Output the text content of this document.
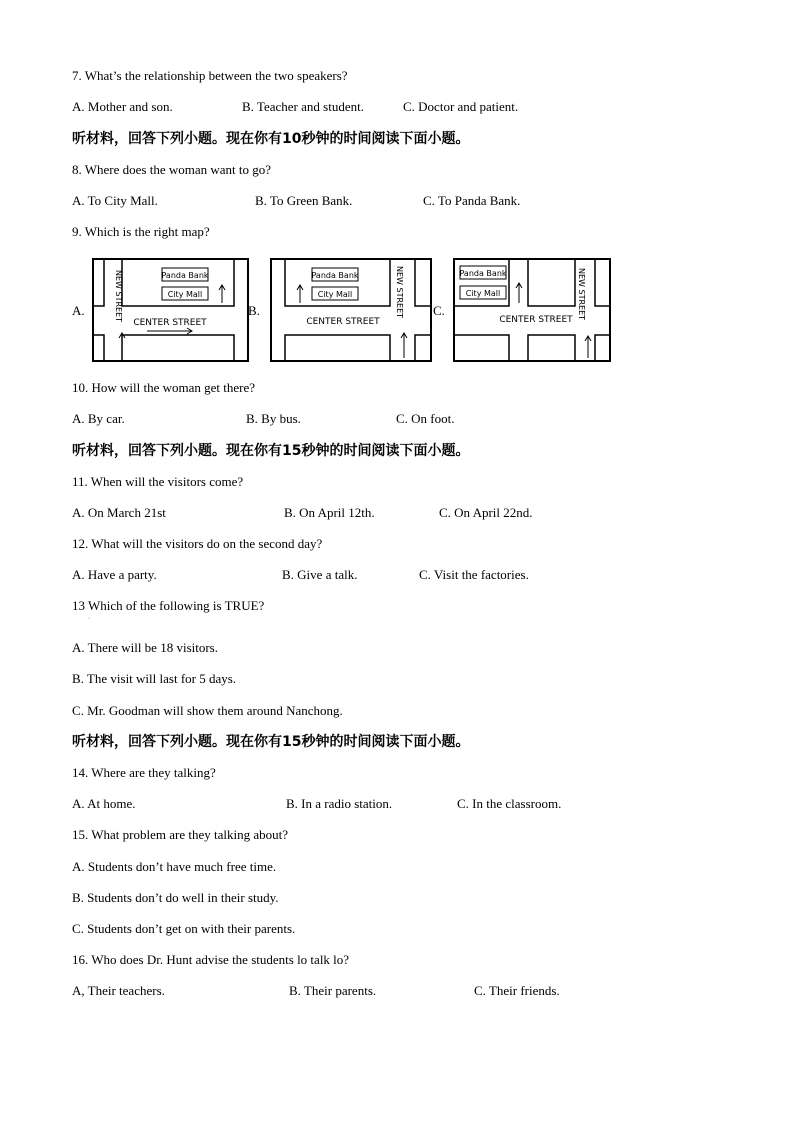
7. What’s the relationship between the two speakers?
A. Mother and son.	B. Teacher and student.	C. Doctor and patient.
听材料，回答下列小题。现在你有10秒钟的时间阅读下面小题。
8. Where does the woman want to go?
A. To City Mall.	B. To Green Bank.	C. To Panda Bank.
9. Which is the right map?
A.	B.	C.
Panda Bank
City Mall
CENTER STREET
NEW STREET	Panda Bank
City Mall
CENTER STREET
NEW STREET	Panda Bank
City Mall
CENTER STREET NEW STREET
10. How will the woman get there?
A. By car.	B. By bus.	C. On foot.
听材料，回答下列小题。现在你有15秒钟的时间阅读下面小题。
11. When will the visitors come?
A. On March 21st	B. On April 12th.	C. On April 22nd.
12. What will the visitors do on the second day?
A. Have a party.	B. Give a talk.	C. Visit the factories.
13 Which of the following is TRUE?
·
A. There will be 18 visitors.
B. The visit will last for 5 days.
C. Mr. Goodman will show them around Nanchong.
听材料，回答下列小题。现在你有15秒钟的时间阅读下面小题。
14. Where are they talking?
A. At home.	B. In a radio station.	C. In the classroom.
15. What problem are they talking about?
A. Students don’t have much free time.
B. Students don’t do well in their study.
C. Students don’t get on with their parents.
16. Who does Dr. Hunt advise the students lo talk lo?
A, Their teachers.	B. Their parents.	C. Their friends.
